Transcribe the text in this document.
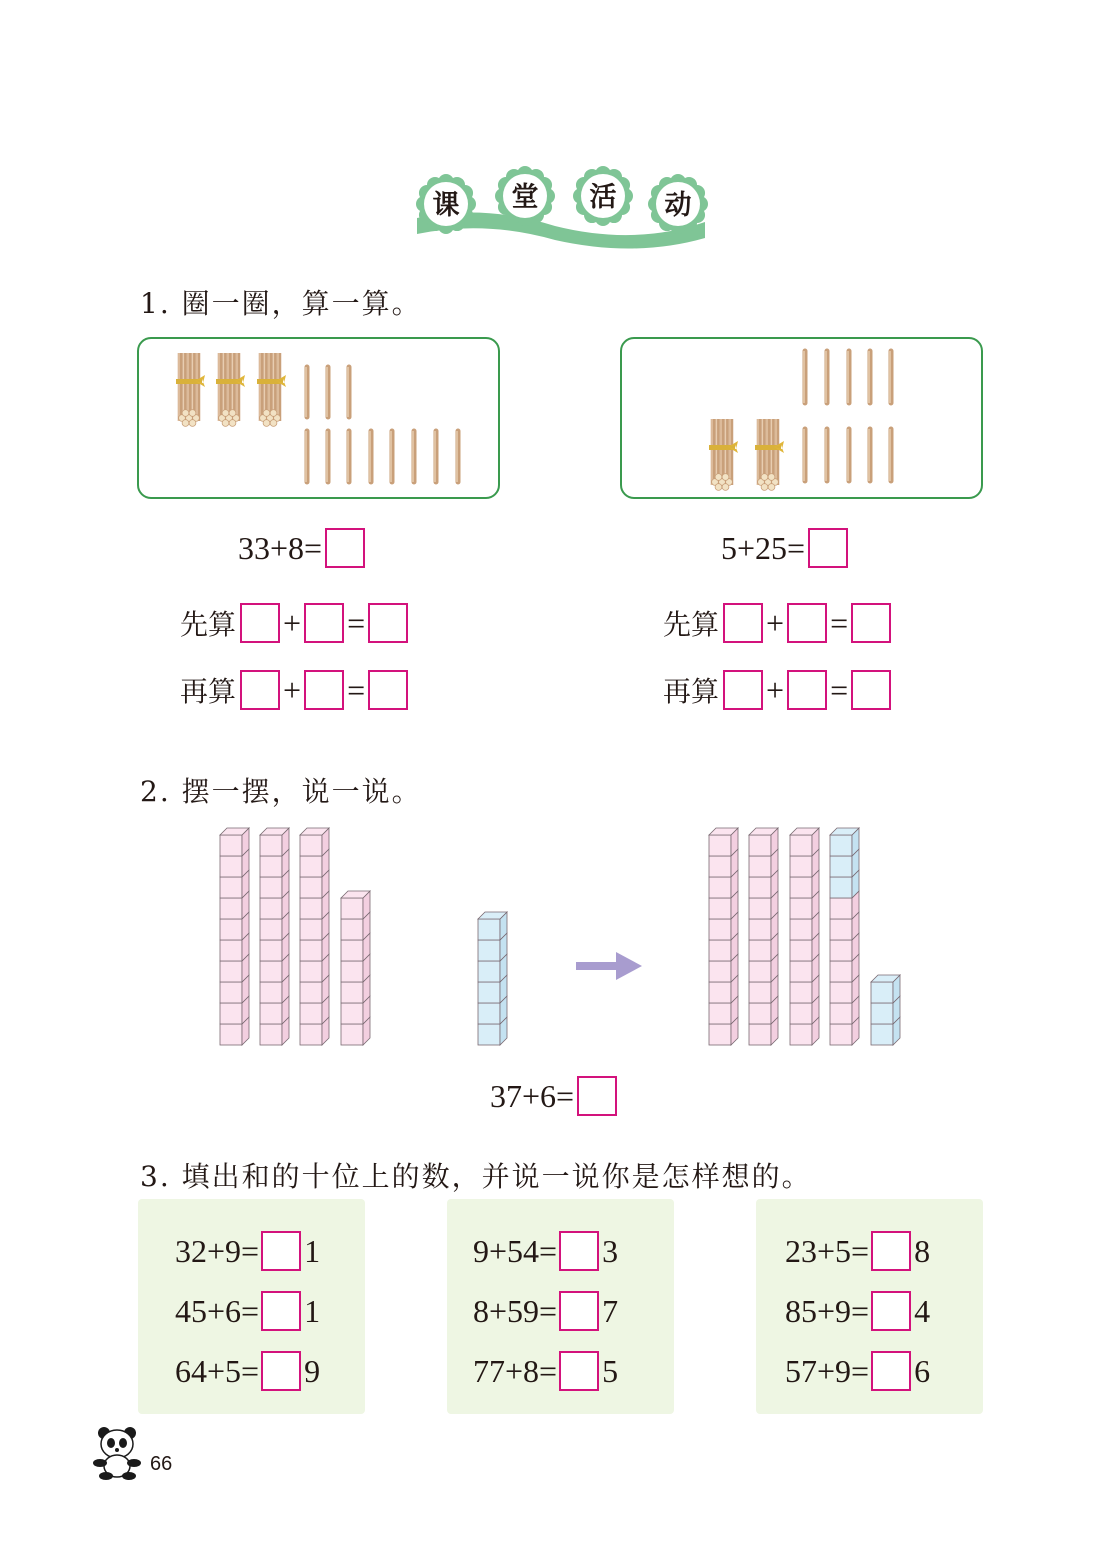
课 堂 活 动
1. 圈一圈，算一算。
33+8=	5+25=
先算 + =
再算 + =
先算 + =
再算 + =
2. 摆一摆，说一说。
37+6=
3. 填出和的十位上的数，并说一说你是怎样想的。
32+9= 1
45+6= 1
64+5= 9
9+54= 3
8+59= 7
77+8= 5
23+5= 8
85+9= 4
57+9= 6
66
